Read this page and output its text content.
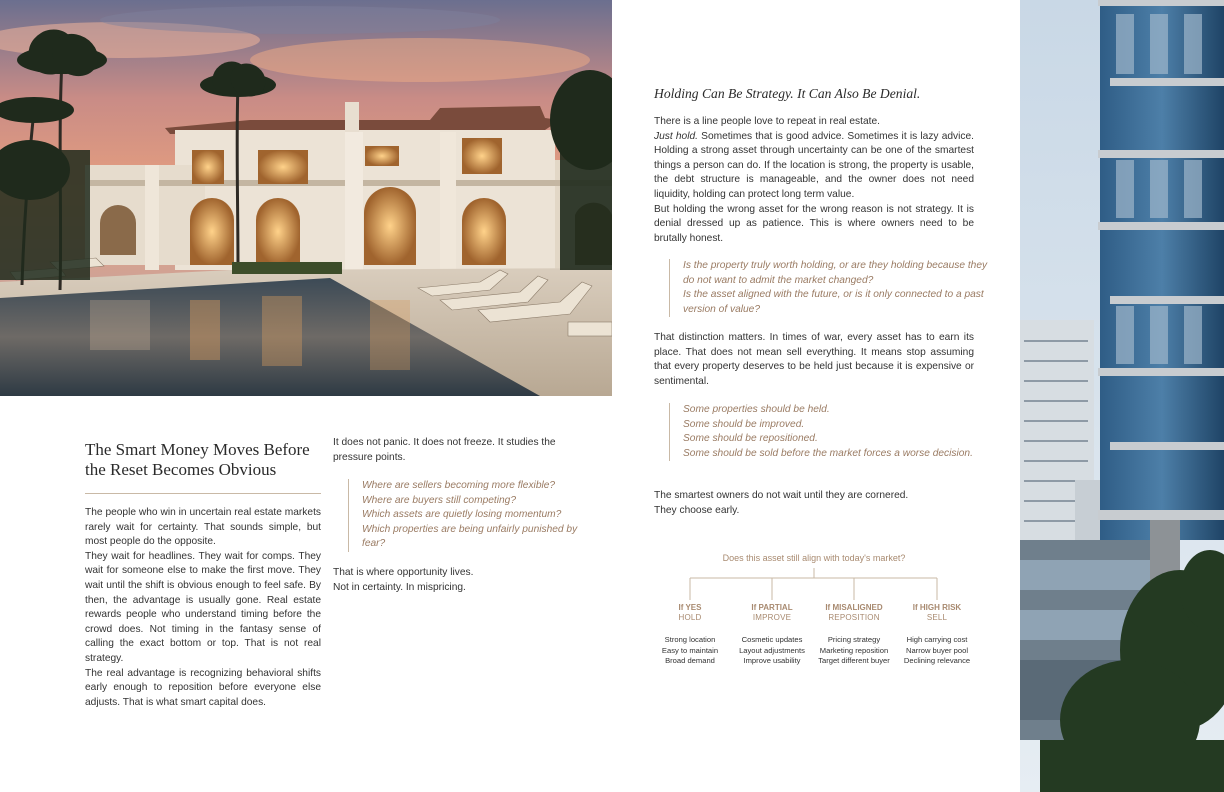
The Smart Money Moves Before
the Reset Becomes Obvious

The people who win in uncertain real estate markets rarely wait for certainty. That sounds simple, but most people do the opposite.

They wait for headlines. They wait for comps. They wait for someone else to make the first move. They wait until the shift is obvious enough to feel safe. By then, the advantage is usually gone. Real estate rewards people who understand timing before the crowd does. Not timing in the fantasy sense of calling the exact bottom or top. That is not real strategy.

The real advantage is recognizing behavioral shifts early enough to reposition before everyone else adjusts. That is what smart capital does.

It does not panic. It does not freeze. It studies the pressure points.

Where are sellers becoming more flexible?
Where are buyers still competing?
Which assets are quietly losing momentum?
Which properties are being unfairly punished by fear?

That is where opportunity lives.

Not in certainty. In mispricing.

Holding Can Be Strategy. It Can Also Be Denial.

There is a line people love to repeat in real estate.

Just hold. Sometimes that is good advice. Sometimes it is lazy advice. Holding a strong asset through uncertainty can be one of the smartest things a person can do. If the location is strong, the property is usable, the debt structure is manageable, and the owner does not need liquidity, holding can protect long term value.

But holding the wrong asset for the wrong reason is not strategy. It is denial dressed up as patience. This is where owners need to be brutally honest.

Is the property truly worth holding, or are they holding because they do not want to admit the market changed?
Is the asset aligned with the future, or is it only connected to a past version of value?

That distinction matters. In times of war, every asset has to earn its place. That does not mean sell everything. It means stop assuming that every property deserves to be held just because it is expensive or sentimental.

Some properties should be held.
Some should be improved.
Some should be repositioned.
Some should be sold before the market forces a worse decision.

The smartest owners do not wait until they are cornered.

They choose early.

Does this asset still align with today's market?
If YES
HOLD
Strong location
Easy to maintain
Broad demand
If PARTIAL
IMPROVE
Cosmetic updates
Layout adjustments
Improve usability
If MISALIGNED
REPOSITION
Pricing strategy
Marketing reposition
Target different buyer
If HIGH RISK
SELL
High carrying cost
Narrow buyer pool
Declining relevance
